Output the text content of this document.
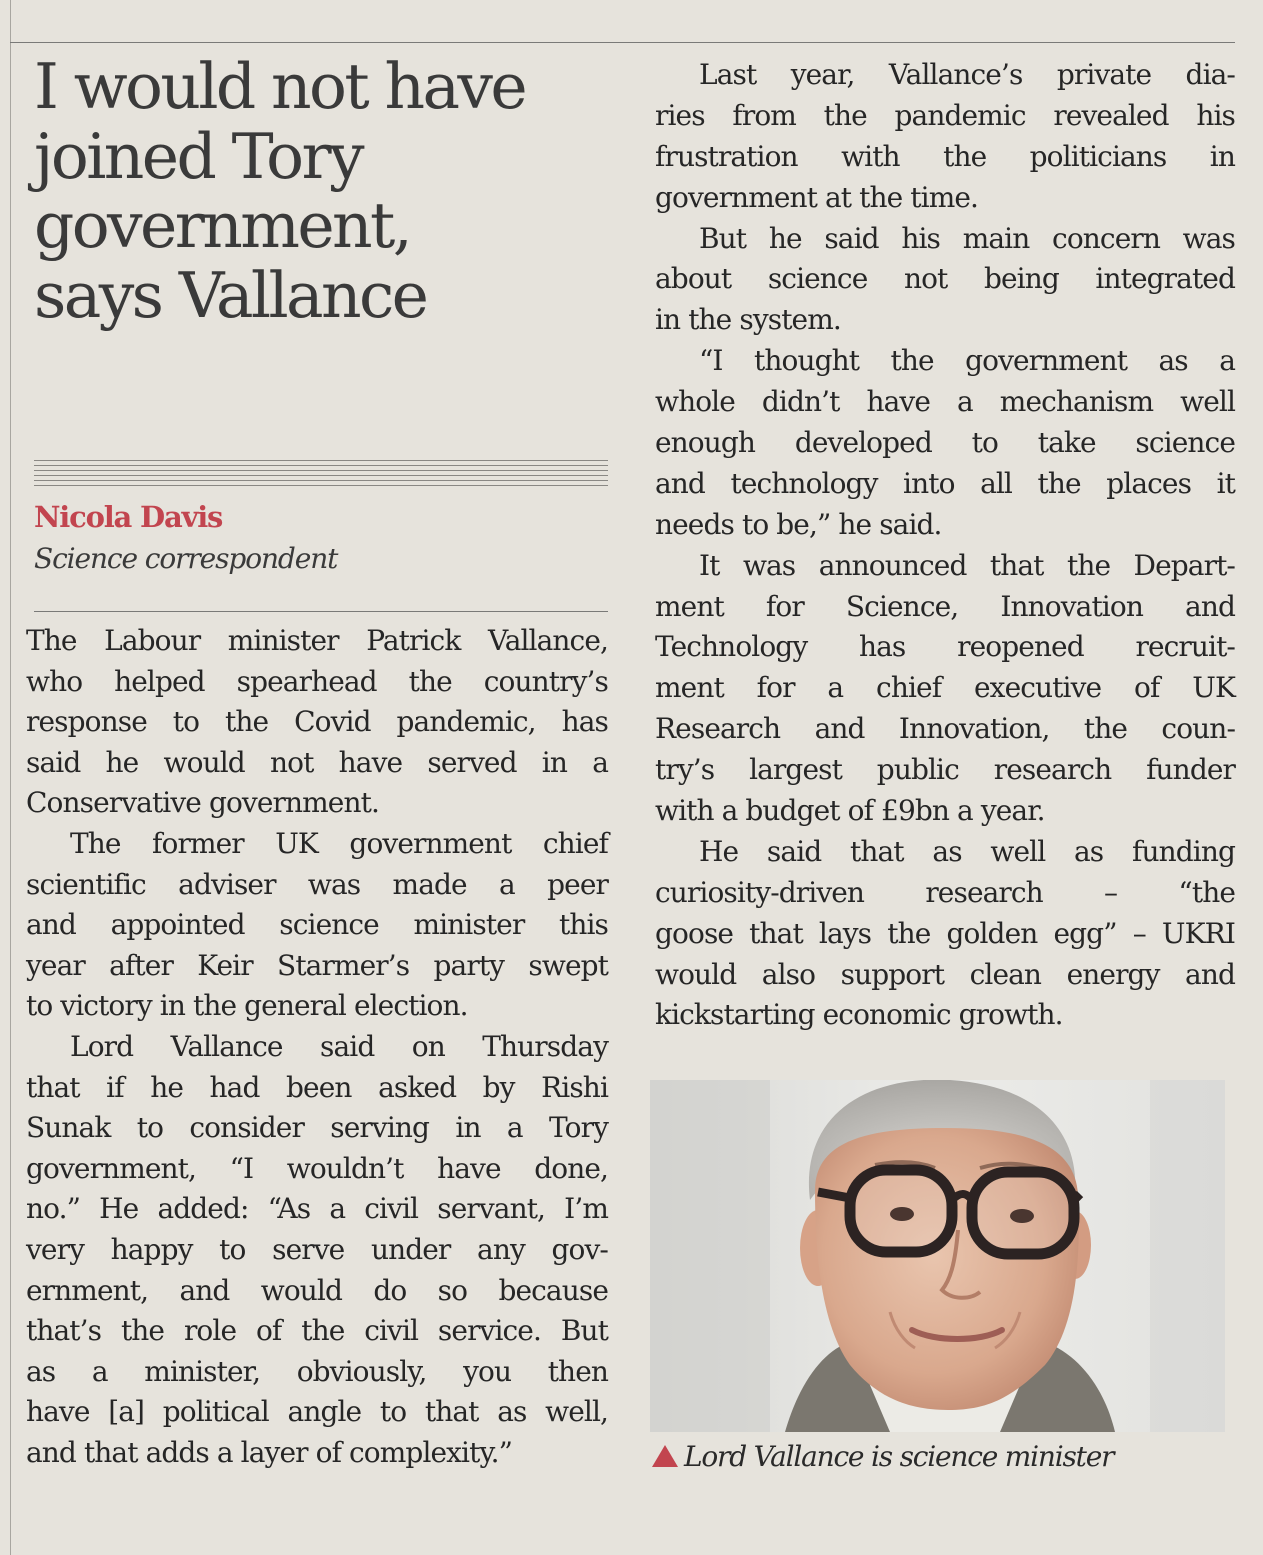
I would not have
joined Tory
government,
says Vallance

Nicola Davis

Science correspondent

The Labour minister Patrick Vallance,
who helped spearhead the country’s
response to the Covid pandemic, has
said he would not have served in a
Conservative government.
The former UK government chief
scientific adviser was made a peer
and appointed science minister this
year after Keir Starmer’s party swept
to victory in the general election.
Lord Vallance said on Thursday
that if he had been asked by Rishi
Sunak to consider serving in a Tory
government, “I wouldn’t have done,
no.” He added: “As a civil servant, I’m
very happy to serve under any gov-
ernment, and would do so because
that’s the role of the civil service. But
as a minister, obviously, you then
have [a] political angle to that as well,
and that adds a layer of complexity.”
Last year, Vallance’s private dia-
ries from the pandemic revealed his
frustration with the politicians in
government at the time.
But he said his main concern was
about science not being integrated
in the system.
“I thought the government as a
whole didn’t have a mechanism well
enough developed to take science
and technology into all the places it
needs to be,” he said.
It was announced that the Depart-
ment for Science, Innovation and
Technology has reopened recruit-
ment for a chief executive of UK
Research and Innovation, the coun-
try’s largest public research funder
with a budget of £9bn a year.
He said that as well as funding
curiosity-driven research – “the
goose that lays the golden egg” – UKRI
would also support clean energy and
kickstarting economic growth.

Lord Vallance is science minister
